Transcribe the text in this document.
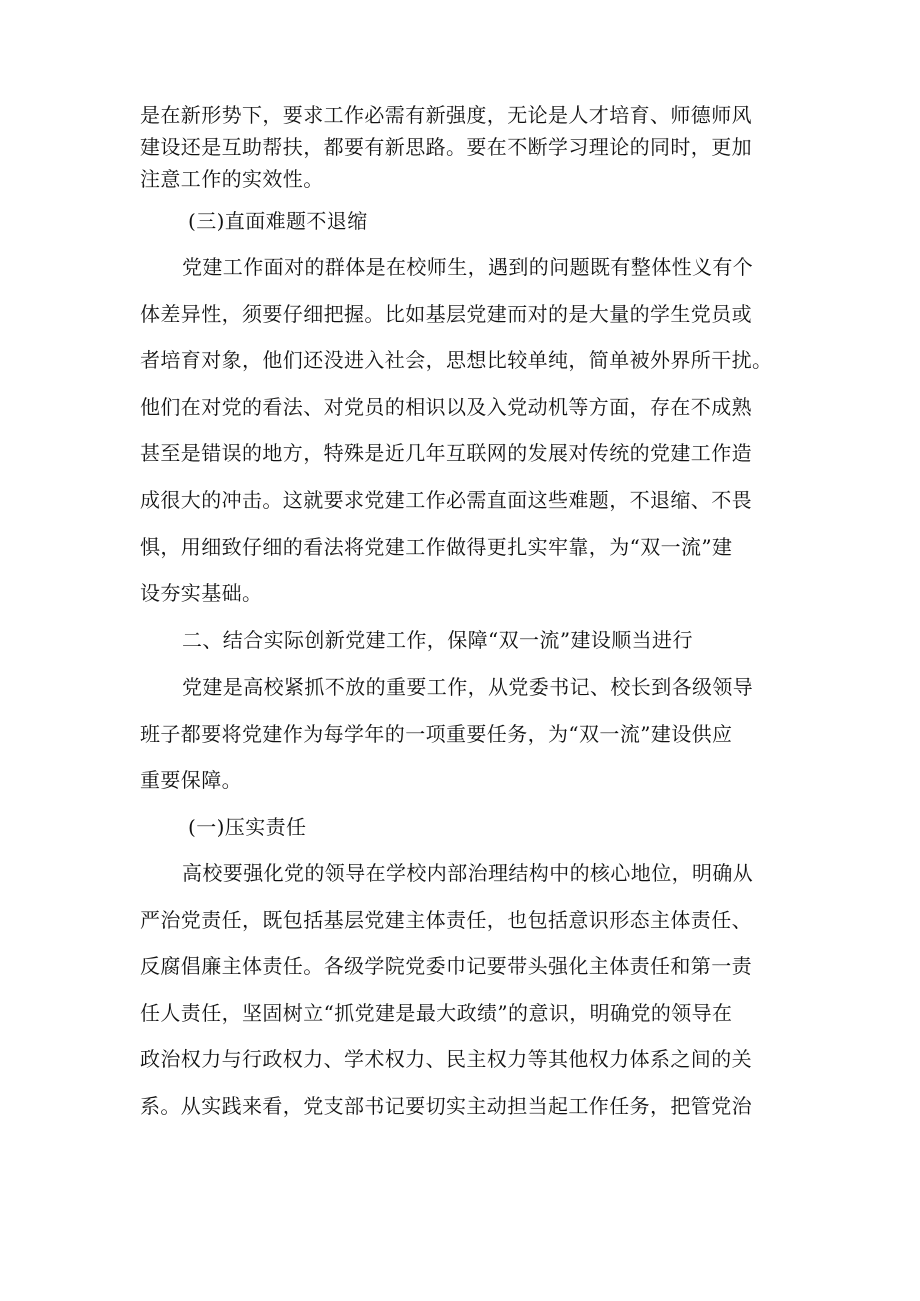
是在新形势下，要求工作必需有新强度，无论是人才培育、师德师风
建设还是互助帮扶，都要有新思路。要在不断学习理论的同时，更加
注意工作的实效性。
(三)直面难题不退缩
党建工作面对的群体是在校师生，遇到的问题既有整体性义有个
体差异性，须要仔细把握。比如基层党建而对的是大量的学生党员或
者培育对象，他们还没进入社会，思想比较单纯，简单被外界所干扰。
他们在对党的看法、对党员的相识以及入党动机等方面，存在不成熟
甚至是错误的地方，特殊是近几年互联网的发展对传统的党建工作造
成很大的冲击。这就要求党建工作必需直面这些难题，不退缩、不畏
惧，用细致仔细的看法将党建工作做得更扎实牢靠，为“双一流”建
设夯实基础。
二、结合实际创新党建工作，保障“双一流”建设顺当进行
党建是高校紧抓不放的重要工作，从党委书记、校长到各级领导
班子都要将党建作为每学年的一项重要任务，为“双一流”建设供应
重要保障。
(一)压实责任
高校要强化党的领导在学校内部治理结构中的核心地位，明确从
严治党责任，既包括基层党建主体责任，也包括意识形态主体责任、
反腐倡廉主体责任。各级学院党委巾记要带头强化主体责任和第一责
任人责任，坚固树立“抓党建是最大政绩”的意识，明确党的领导在
政治权力与行政权力、学术权力、民主权力等其他权力体系之间的关
系。从实践来看，党支部书记要切实主动担当起工作任务，把管党治
